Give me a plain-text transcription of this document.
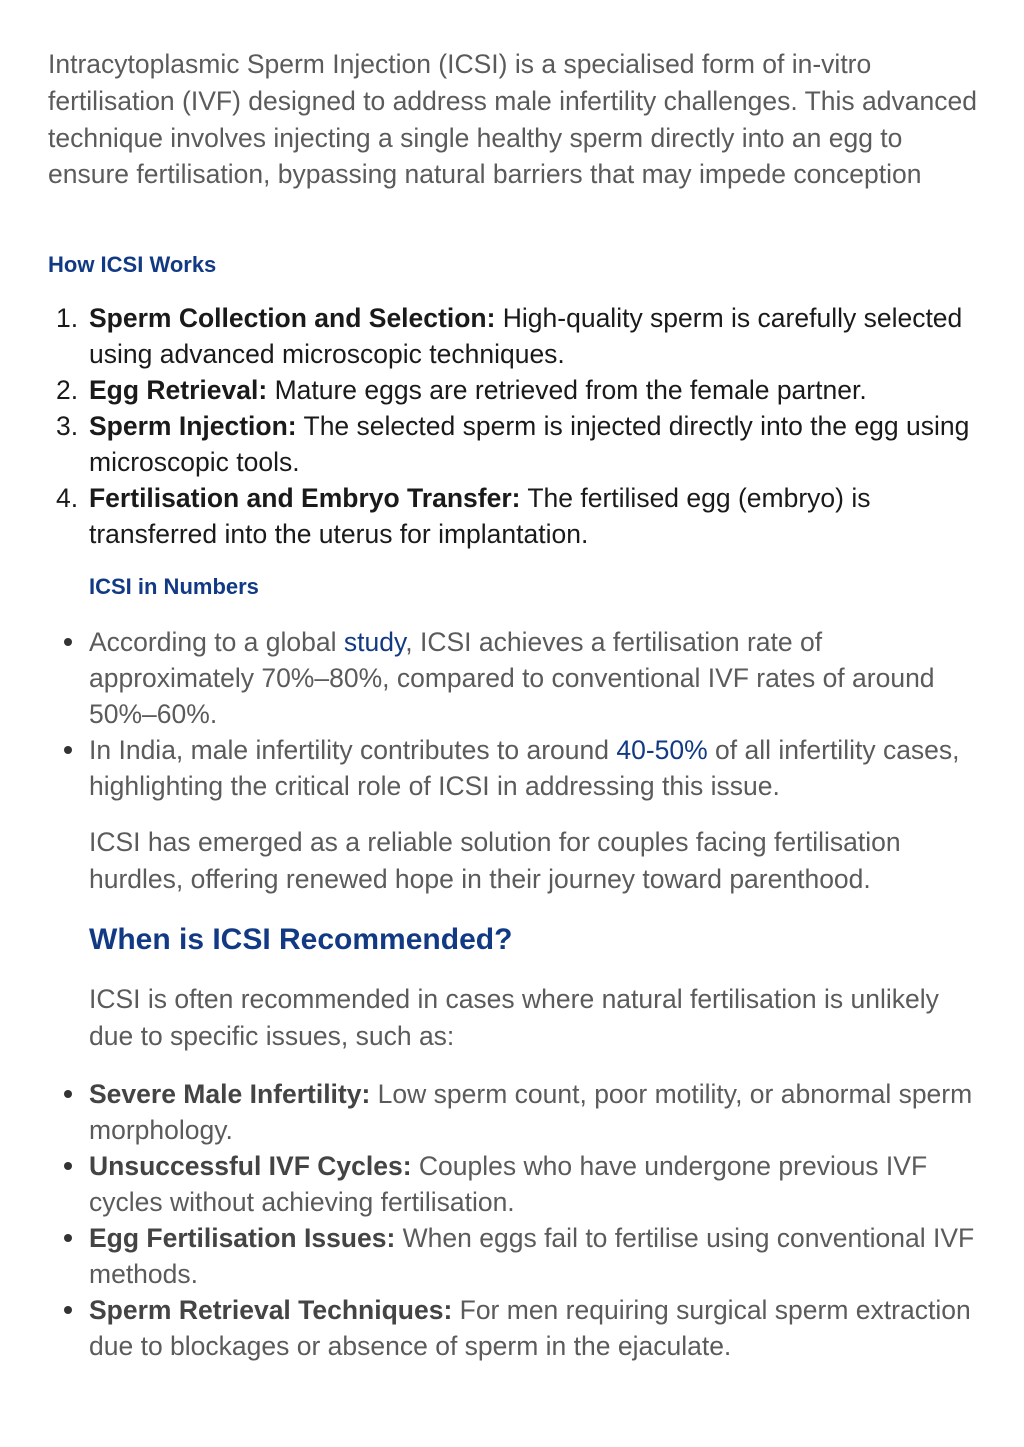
Intracytoplasmic Sperm Injection (ICSI) is a specialised form of in-vitro fertilisation (IVF) designed to address male infertility challenges. This advanced technique involves injecting a single healthy sperm directly into an egg to ensure fertilisation, bypassing natural barriers that may impede conception

How ICSI Works
1. Sperm Collection and Selection: High-quality sperm is carefully selected using advanced microscopic techniques.
2. Egg Retrieval: Mature eggs are retrieved from the female partner.
3. Sperm Injection: The selected sperm is injected directly into the egg using microscopic tools.
4. Fertilisation and Embryo Transfer: The fertilised egg (embryo) is transferred into the uterus for implantation.
ICSI in Numbers
According to a global study, ICSI achieves a fertilisation rate of approximately 70%–80%, compared to conventional IVF rates of around 50%–60%.
In India, male infertility contributes to around 40-50% of all infertility cases, highlighting the critical role of ICSI in addressing this issue.

ICSI has emerged as a reliable solution for couples facing fertilisation hurdles, offering renewed hope in their journey toward parenthood.

When is ICSI Recommended?

ICSI is often recommended in cases where natural fertilisation is unlikely due to specific issues, such as:

Severe Male Infertility: Low sperm count, poor motility, or abnormal sperm morphology.
Unsuccessful IVF Cycles: Couples who have undergone previous IVF cycles without achieving fertilisation.
Egg Fertilisation Issues: When eggs fail to fertilise using conventional IVF methods.
Sperm Retrieval Techniques: For men requiring surgical sperm extraction due to blockages or absence of sperm in the ejaculate.
